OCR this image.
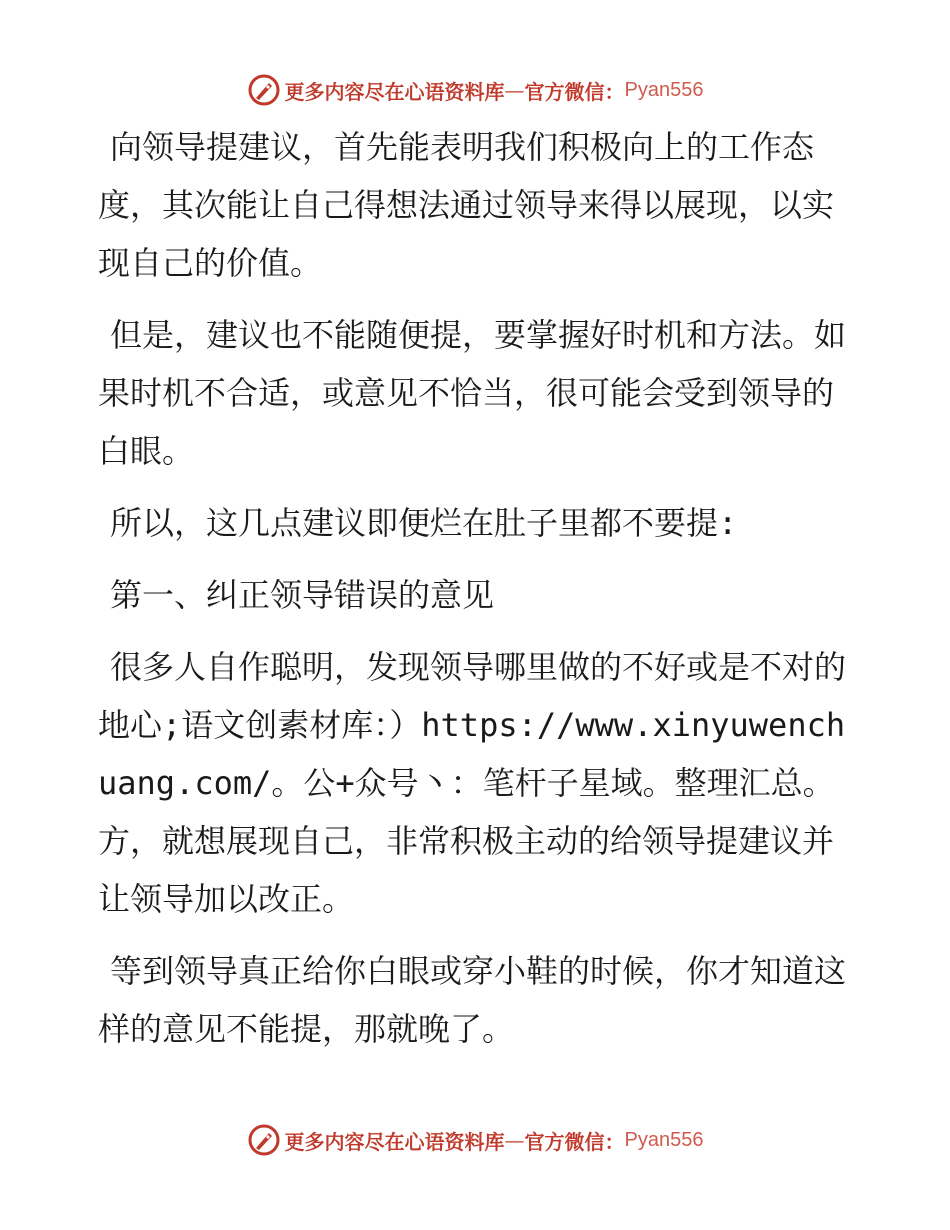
更多内容尽在心语资料库 — 官方微信： Pyan556

向领导提建议，首先能表明我们积极向上的工作态度，其次能让自己得想法通过领导来得以展现，以实现自己的价值。

但是，建议也不能随便提，要掌握好时机和方法。如果时机不合适，或意见不恰当，很可能会受到领导的白眼。

所以，这几点建议即便烂在肚子里都不要提:

第一、纠正领导错误的意见

很多人自作聪明，发现领导哪里做的不好或是不对的地心;语文创素材库：）https://www.xinyuwenchuang.com/。公+众号丶：笔杆子星域。整理汇总。方，就想展现自己，非常积极主动的给领导提建议并让领导加以改正。

等到领导真正给你白眼或穿小鞋的时候，你才知道这样的意见不能提，那就晚了。

更多内容尽在心语资料库 — 官方微信： Pyan556
